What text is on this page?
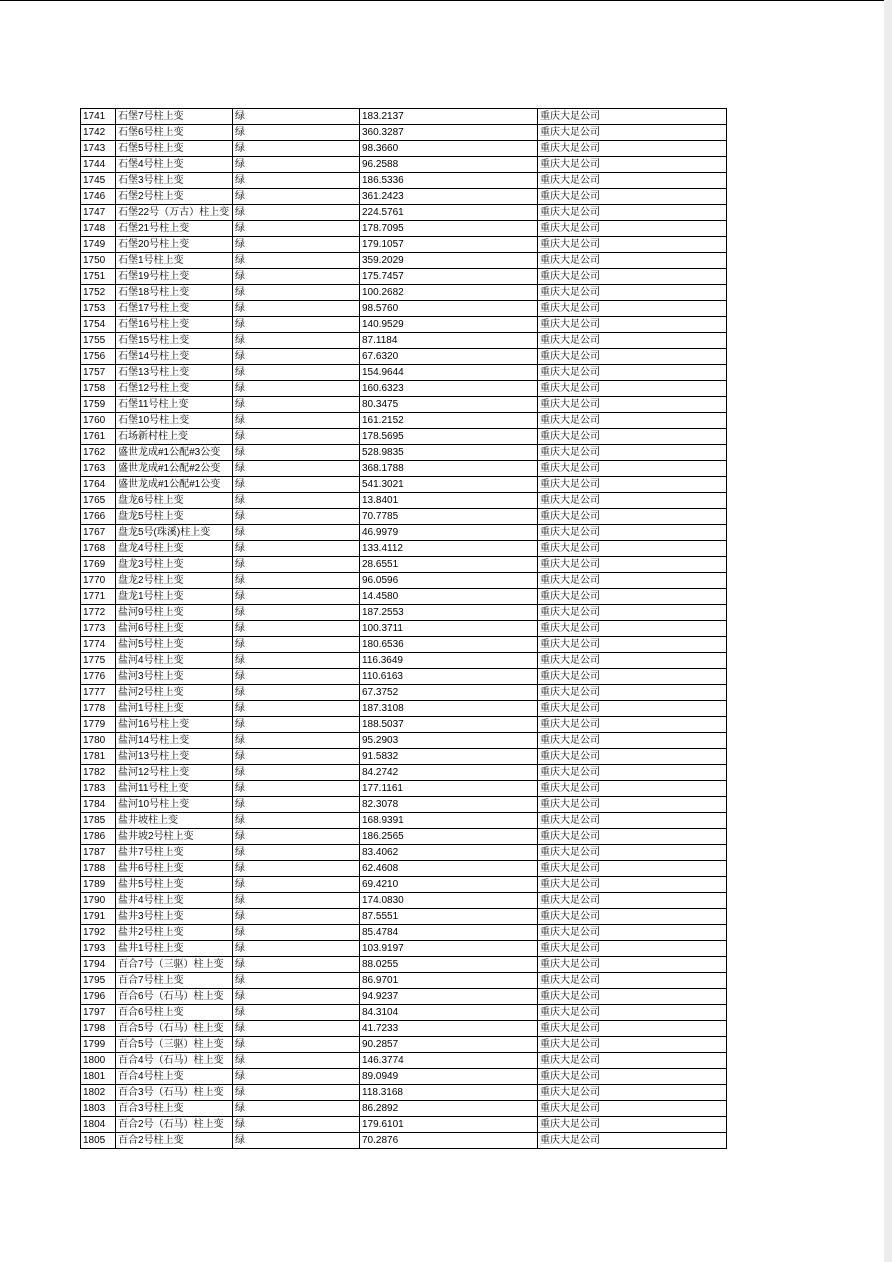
1741	石堡7号柱上变	绿	183.2137	重庆大足公司
1742	石堡6号柱上变	绿	360.3287	重庆大足公司
1743	石堡5号柱上变	绿	98.3660	重庆大足公司
1744	石堡4号柱上变	绿	96.2588	重庆大足公司
1745	石堡3号柱上变	绿	186.5336	重庆大足公司
1746	石堡2号柱上变	绿	361.2423	重庆大足公司
1747	石堡22号（万古）柱上变	绿	224.5761	重庆大足公司
1748	石堡21号柱上变	绿	178.7095	重庆大足公司
1749	石堡20号柱上变	绿	179.1057	重庆大足公司
1750	石堡1号柱上变	绿	359.2029	重庆大足公司
1751	石堡19号柱上变	绿	175.7457	重庆大足公司
1752	石堡18号柱上变	绿	100.2682	重庆大足公司
1753	石堡17号柱上变	绿	98.5760	重庆大足公司
1754	石堡16号柱上变	绿	140.9529	重庆大足公司
1755	石堡15号柱上变	绿	87.1184	重庆大足公司
1756	石堡14号柱上变	绿	67.6320	重庆大足公司
1757	石堡13号柱上变	绿	154.9644	重庆大足公司
1758	石堡12号柱上变	绿	160.6323	重庆大足公司
1759	石堡11号柱上变	绿	80.3475	重庆大足公司
1760	石堡10号柱上变	绿	161.2152	重庆大足公司
1761	石场新村柱上变	绿	178.5695	重庆大足公司
1762	盛世龙成#1公配#3公变	绿	528.9835	重庆大足公司
1763	盛世龙成#1公配#2公变	绿	368.1788	重庆大足公司
1764	盛世龙成#1公配#1公变	绿	541.3021	重庆大足公司
1765	盘龙6号柱上变	绿	13.8401	重庆大足公司
1766	盘龙5号柱上变	绿	70.7785	重庆大足公司
1767	盘龙5号(珠溪)柱上变	绿	46.9979	重庆大足公司
1768	盘龙4号柱上变	绿	133.4112	重庆大足公司
1769	盘龙3号柱上变	绿	28.6551	重庆大足公司
1770	盘龙2号柱上变	绿	96.0596	重庆大足公司
1771	盘龙1号柱上变	绿	14.4580	重庆大足公司
1772	盐河9号柱上变	绿	187.2553	重庆大足公司
1773	盐河6号柱上变	绿	100.3711	重庆大足公司
1774	盐河5号柱上变	绿	180.6536	重庆大足公司
1775	盐河4号柱上变	绿	116.3649	重庆大足公司
1776	盐河3号柱上变	绿	110.6163	重庆大足公司
1777	盐河2号柱上变	绿	67.3752	重庆大足公司
1778	盐河1号柱上变	绿	187.3108	重庆大足公司
1779	盐河16号柱上变	绿	188.5037	重庆大足公司
1780	盐河14号柱上变	绿	95.2903	重庆大足公司
1781	盐河13号柱上变	绿	91.5832	重庆大足公司
1782	盐河12号柱上变	绿	84.2742	重庆大足公司
1783	盐河11号柱上变	绿	177.1161	重庆大足公司
1784	盐河10号柱上变	绿	82.3078	重庆大足公司
1785	盐井坡柱上变	绿	168.9391	重庆大足公司
1786	盐井坡2号柱上变	绿	186.2565	重庆大足公司
1787	盐井7号柱上变	绿	83.4062	重庆大足公司
1788	盐井6号柱上变	绿	62.4608	重庆大足公司
1789	盐井5号柱上变	绿	69.4210	重庆大足公司
1790	盐井4号柱上变	绿	174.0830	重庆大足公司
1791	盐井3号柱上变	绿	87.5551	重庆大足公司
1792	盐井2号柱上变	绿	85.4784	重庆大足公司
1793	盐井1号柱上变	绿	103.9197	重庆大足公司
1794	百合7号（三驱）柱上变	绿	88.0255	重庆大足公司
1795	百合7号柱上变	绿	86.9701	重庆大足公司
1796	百合6号（石马）柱上变	绿	94.9237	重庆大足公司
1797	百合6号柱上变	绿	84.3104	重庆大足公司
1798	百合5号（石马）柱上变	绿	41.7233	重庆大足公司
1799	百合5号（三驱）柱上变	绿	90.2857	重庆大足公司
1800	百合4号（石马）柱上变	绿	146.3774	重庆大足公司
1801	百合4号柱上变	绿	89.0949	重庆大足公司
1802	百合3号（石马）柱上变	绿	118.3168	重庆大足公司
1803	百合3号柱上变	绿	86.2892	重庆大足公司
1804	百合2号（石马）柱上变	绿	179.6101	重庆大足公司
1805	百合2号柱上变	绿	70.2876	重庆大足公司
